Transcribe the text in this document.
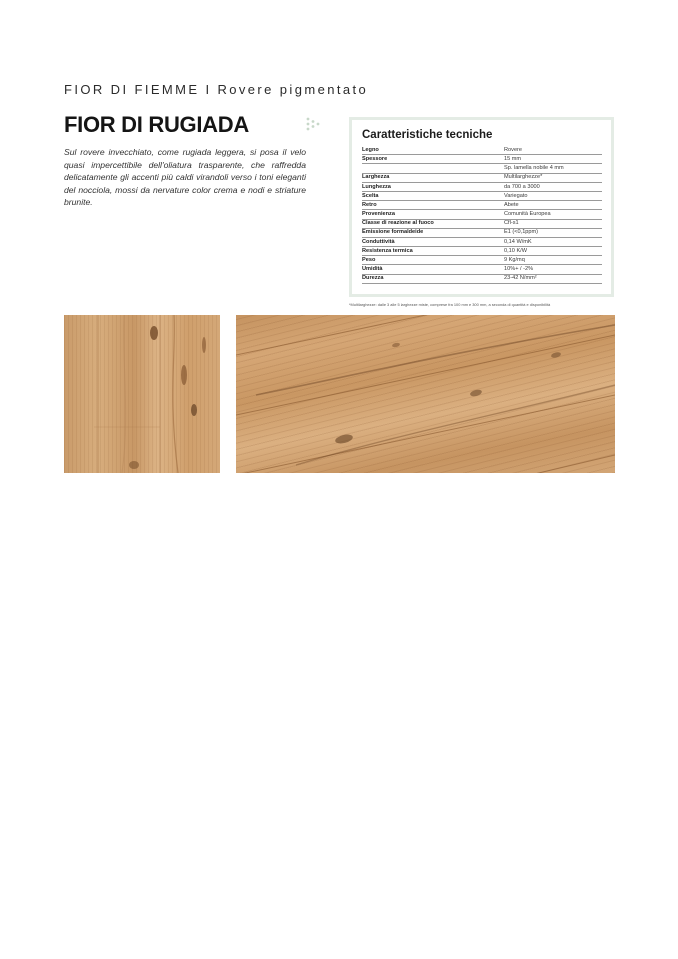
FIOR DI FIEMME I Rovere pigmentato
FIOR DI RUGIADA
Sul rovere invecchiato, come rugiada leggera, si posa il velo quasi impercettibile dell'oliatura trasparente, che raffredda delicatamente gli accenti più caldi virandoli verso i toni eleganti del nocciola, mossi da nervature color crema e nodi e striature brunite.
Caratteristiche tecniche
Legno	Rovere
Spessore	15 mm
	Sp. lamella nobile 4 mm
Larghezza	Multilarghezze*
Lunghezza	da 700 a 3000
Scelta	Variegato
Retro	Abete
Provenienza	Comunità Europea
Classe di reazione al fuoco	Cfl-s1
Emissione formaldeide	E1 (<0,1ppm)
Conduttività	0,14 W/mK
Resistenza termica	0,10 K/W
Peso	9 Kg/mq
Umidità	10%+ / -2%
Durezza	23-42 N/mm²
*Multilarghezze: dalle 3 alle 5 larghezze miste, comprese fra 100 mm e 300 mm, a seconda di quantità e disponibilità
